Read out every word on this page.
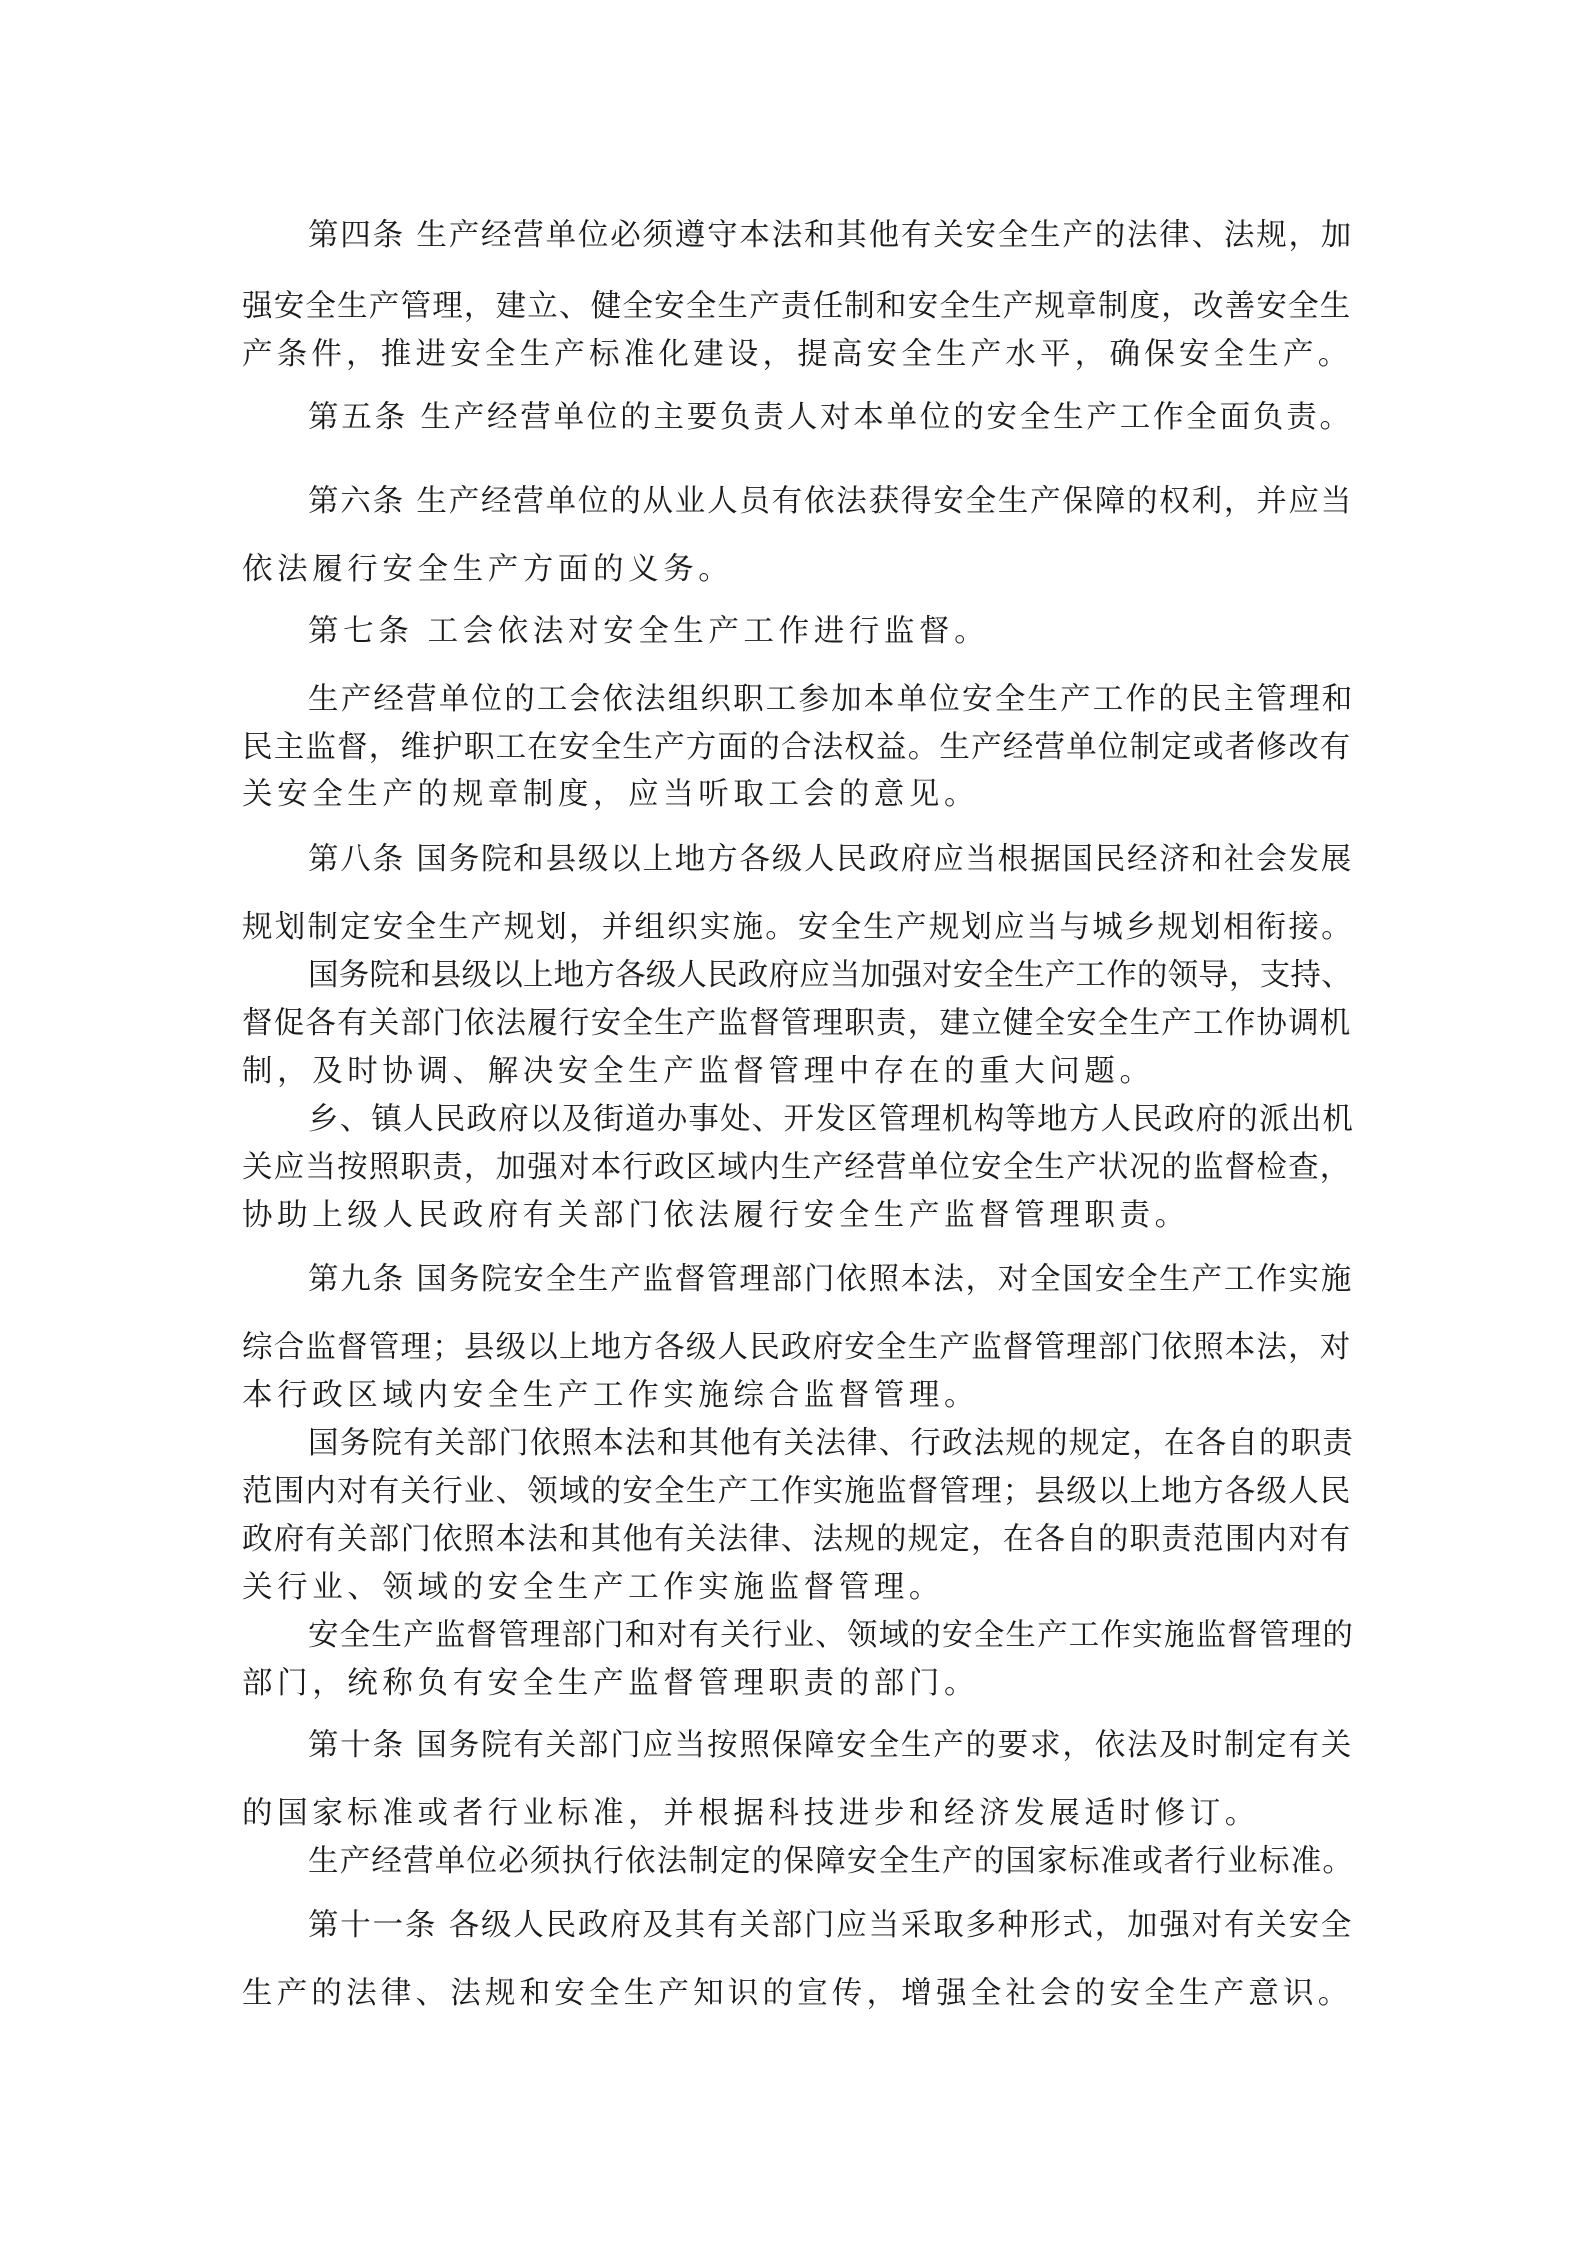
第四条 生产经营单位必须遵守本法和其他有关安全生产的法律、法规，加
强安全生产管理，建立、健全安全生产责任制和安全生产规章制度，改善安全生
产条件，推进安全生产标准化建设，提高安全生产水平，确保安全生产。
第五条 生产经营单位的主要负责人对本单位的安全生产工作全面负责。
第六条 生产经营单位的从业人员有依法获得安全生产保障的权利，并应当
依法履行安全生产方面的义务。
第七条 工会依法对安全生产工作进行监督。
生产经营单位的工会依法组织职工参加本单位安全生产工作的民主管理和
民主监督，维护职工在安全生产方面的合法权益。生产经营单位制定或者修改有
关安全生产的规章制度，应当听取工会的意见。
第八条 国务院和县级以上地方各级人民政府应当根据国民经济和社会发展
规划制定安全生产规划，并组织实施。安全生产规划应当与城乡规划相衔接。
国务院和县级以上地方各级人民政府应当加强对安全生产工作的领导，支持、
督促各有关部门依法履行安全生产监督管理职责，建立健全安全生产工作协调机
制，及时协调、解决安全生产监督管理中存在的重大问题。
乡、镇人民政府以及街道办事处、开发区管理机构等地方人民政府的派出机
关应当按照职责，加强对本行政区域内生产经营单位安全生产状况的监督检查，
协助上级人民政府有关部门依法履行安全生产监督管理职责。
第九条 国务院安全生产监督管理部门依照本法，对全国安全生产工作实施
综合监督管理；县级以上地方各级人民政府安全生产监督管理部门依照本法，对
本行政区域内安全生产工作实施综合监督管理。
国务院有关部门依照本法和其他有关法律、行政法规的规定，在各自的职责
范围内对有关行业、领域的安全生产工作实施监督管理；县级以上地方各级人民
政府有关部门依照本法和其他有关法律、法规的规定，在各自的职责范围内对有
关行业、领域的安全生产工作实施监督管理。
安全生产监督管理部门和对有关行业、领域的安全生产工作实施监督管理的
部门，统称负有安全生产监督管理职责的部门。
第十条 国务院有关部门应当按照保障安全生产的要求，依法及时制定有关
的国家标准或者行业标准，并根据科技进步和经济发展适时修订。
生产经营单位必须执行依法制定的保障安全生产的国家标准或者行业标准。
第十一条 各级人民政府及其有关部门应当采取多种形式，加强对有关安全
生产的法律、法规和安全生产知识的宣传，增强全社会的安全生产意识。
